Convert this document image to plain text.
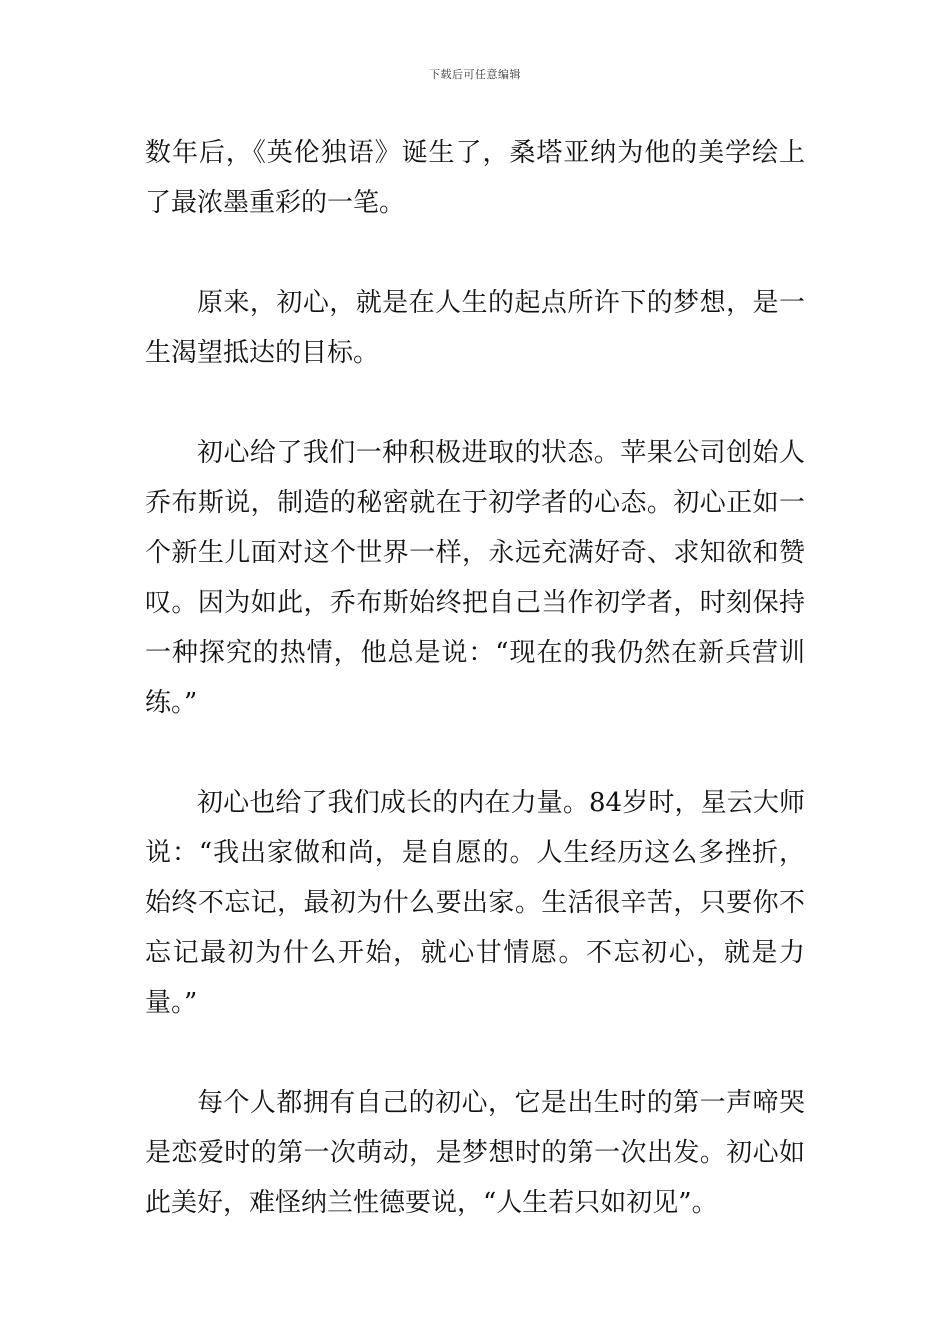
下载后可任意编辑

数年后，《英伦独语》诞生了，桑塔亚纳为他的美学绘上了最浓墨重彩的一笔。

原来，初心，就是在人生的起点所许下的梦想，是一生渴望抵达的目标。

初心给了我们一种积极进取的状态。苹果公司创始人乔布斯说，制造的秘密就在于初学者的心态。初心正如一个新生儿面对这个世界一样，永远充满好奇、求知欲和赞叹。因为如此，乔布斯始终把自己当作初学者，时刻保持一种探究的热情，他总是说：“现在的我仍然在新兵营训练。”

初心也给了我们成长的内在力量。84岁时，星云大师说：“我出家做和尚，是自愿的。人生经历这么多挫折，始终不忘记，最初为什么要出家。生活很辛苦，只要你不忘记最初为什么开始，就心甘情愿。不忘初心，就是力量。”

每个人都拥有自己的初心，它是出生时的第一声啼哭是恋爱时的第一次萌动，是梦想时的第一次出发。初心如此美好，难怪纳兰性德要说，“人生若只如初见”。
